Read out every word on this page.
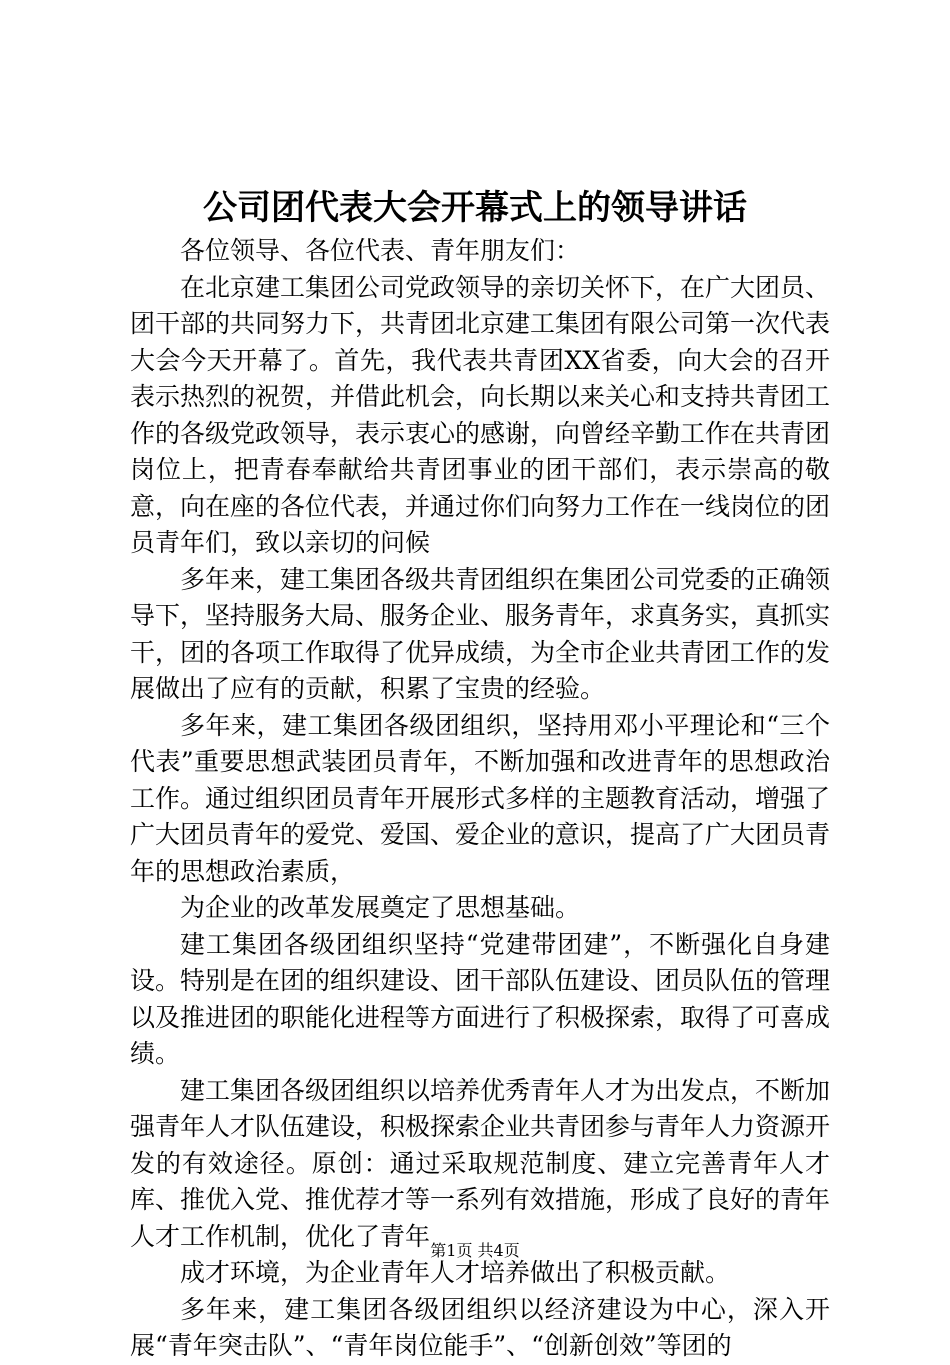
公司团代表大会开幕式上的领导讲话

各位领导、各位代表、青年朋友们：

在北京建工集团公司党政领导的亲切关怀下，在广大团员、团干部的共同努力下，共青团北京建工集团有限公司第一次代表大会今天开幕了。首先，我代表共青团XX省委，向大会的召开表示热烈的祝贺，并借此机会，向长期以来关心和支持共青团工作的各级党政领导，表示衷心的感谢，向曾经辛勤工作在共青团岗位上，把青春奉献给共青团事业的团干部们，表示崇高的敬意，向在座的各位代表，并通过你们向努力工作在一线岗位的团员青年们，致以亲切的问候

多年来，建工集团各级共青团组织在集团公司党委的正确领导下，坚持服务大局、服务企业、服务青年，求真务实，真抓实干，团的各项工作取得了优异成绩，为全市企业共青团工作的发展做出了应有的贡献，积累了宝贵的经验。

多年来，建工集团各级团组织，坚持用邓小平理论和“三个代表”重要思想武装团员青年，不断加强和改进青年的思想政治工作。通过组织团员青年开展形式多样的主题教育活动，增强了广大团员青年的爱党、爱国、爱企业的意识，提高了广大团员青年的思想政治素质，

为企业的改革发展奠定了思想基础。

建工集团各级团组织坚持“党建带团建”，不断强化自身建设。特别是在团的组织建设、团干部队伍建设、团员队伍的管理以及推进团的职能化进程等方面进行了积极探索，取得了可喜成绩。

建工集团各级团组织以培养优秀青年人才为出发点，不断加强青年人才队伍建设，积极探索企业共青团参与青年人力资源开发的有效途径。原创：通过采取规范制度、建立完善青年人才库、推优入党、推优荐才等一系列有效措施，形成了良好的青年人才工作机制，优化了青年

成才环境，为企业青年人才培养做出了积极贡献。

多年来，建工集团各级团组织以经济建设为中心，深入开展“青年突击队”、“青年岗位能手”、“创新创效”等团的

第1页 共4页
